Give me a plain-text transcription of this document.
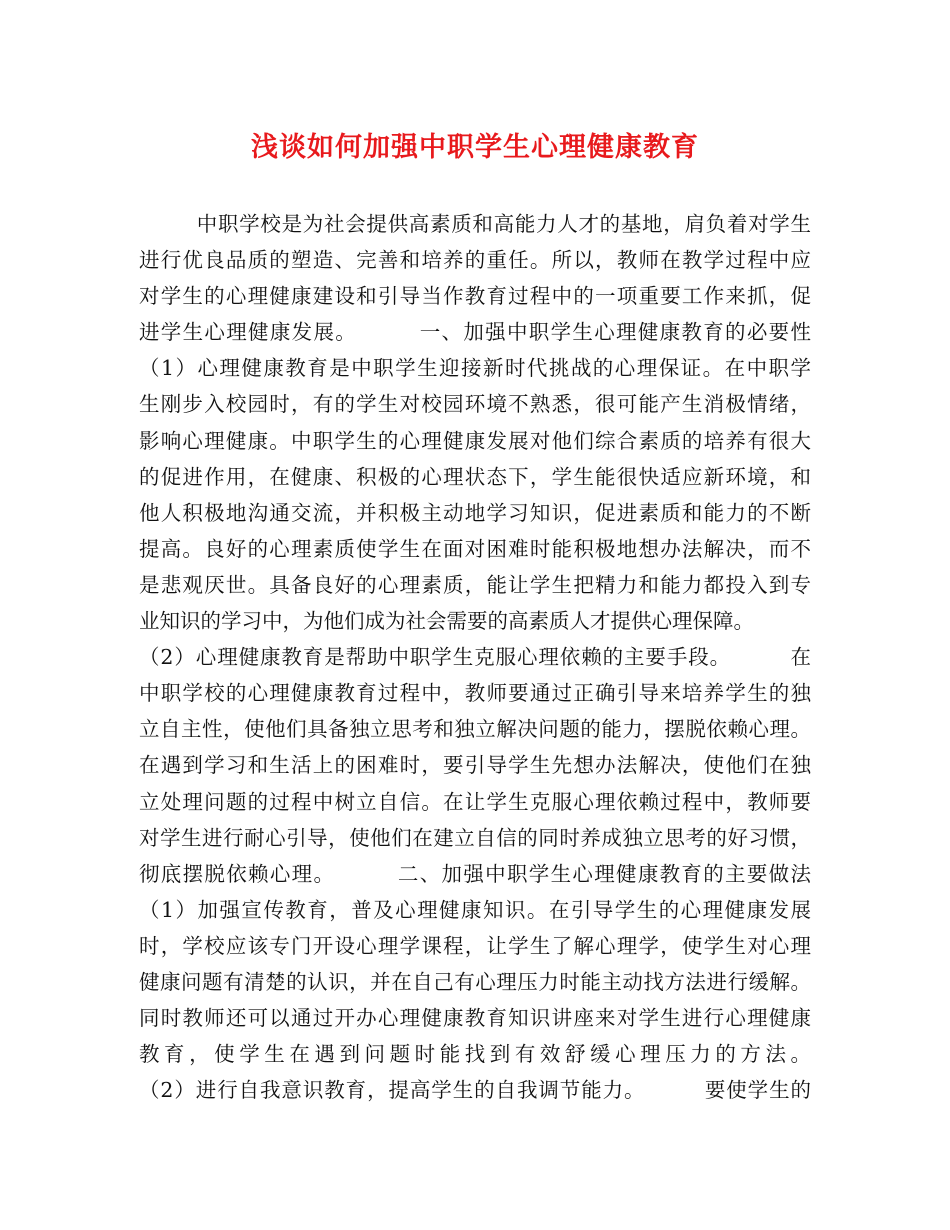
浅谈如何加强中职学生心理健康教育
中职学校是为社会提供高素质和高能力人才的基地，肩负着对学生
进行优良品质的塑造、完善和培养的重任。所以，教师在教学过程中应
对学生的心理健康建设和引导当作教育过程中的一项重要工作来抓，促
进学生心理健康发展。        一、加强中职学生心理健康教育的必要性
（1）心理健康教育是中职学生迎接新时代挑战的心理保证。在中职学
生刚步入校园时，有的学生对校园环境不熟悉，很可能产生消极情绪，
影响心理健康。中职学生的心理健康发展对他们综合素质的培养有很大
的促进作用，在健康、积极的心理状态下，学生能很快适应新环境，和
他人积极地沟通交流，并积极主动地学习知识，促进素质和能力的不断
提高。良好的心理素质使学生在面对困难时能积极地想办法解决，而不
是悲观厌世。具备良好的心理素质，能让学生把精力和能力都投入到专
业知识的学习中，为他们成为社会需要的高素质人才提供心理保障。
（2）心理健康教育是帮助中职学生克服心理依赖的主要手段。        在
中职学校的心理健康教育过程中，教师要通过正确引导来培养学生的独
立自主性，使他们具备独立思考和独立解决问题的能力，摆脱依赖心理。
在遇到学习和生活上的困难时，要引导学生先想办法解决，使他们在独
立处理问题的过程中树立自信。在让学生克服心理依赖过程中，教师要
对学生进行耐心引导，使他们在建立自信的同时养成独立思考的好习惯，
彻底摆脱依赖心理。        二、加强中职学生心理健康教育的主要做法
（1）加强宣传教育，普及心理健康知识。在引导学生的心理健康发展
时，学校应该专门开设心理学课程，让学生了解心理学，使学生对心理
健康问题有清楚的认识，并在自己有心理压力时能主动找方法进行缓解。
同时教师还可以通过开办心理健康教育知识讲座来对学生进行心理健康
教育，使学生在遇到问题时能找到有效舒缓心理压力的方法。
（2）进行自我意识教育，提高学生的自我调节能力。        要使学生的
